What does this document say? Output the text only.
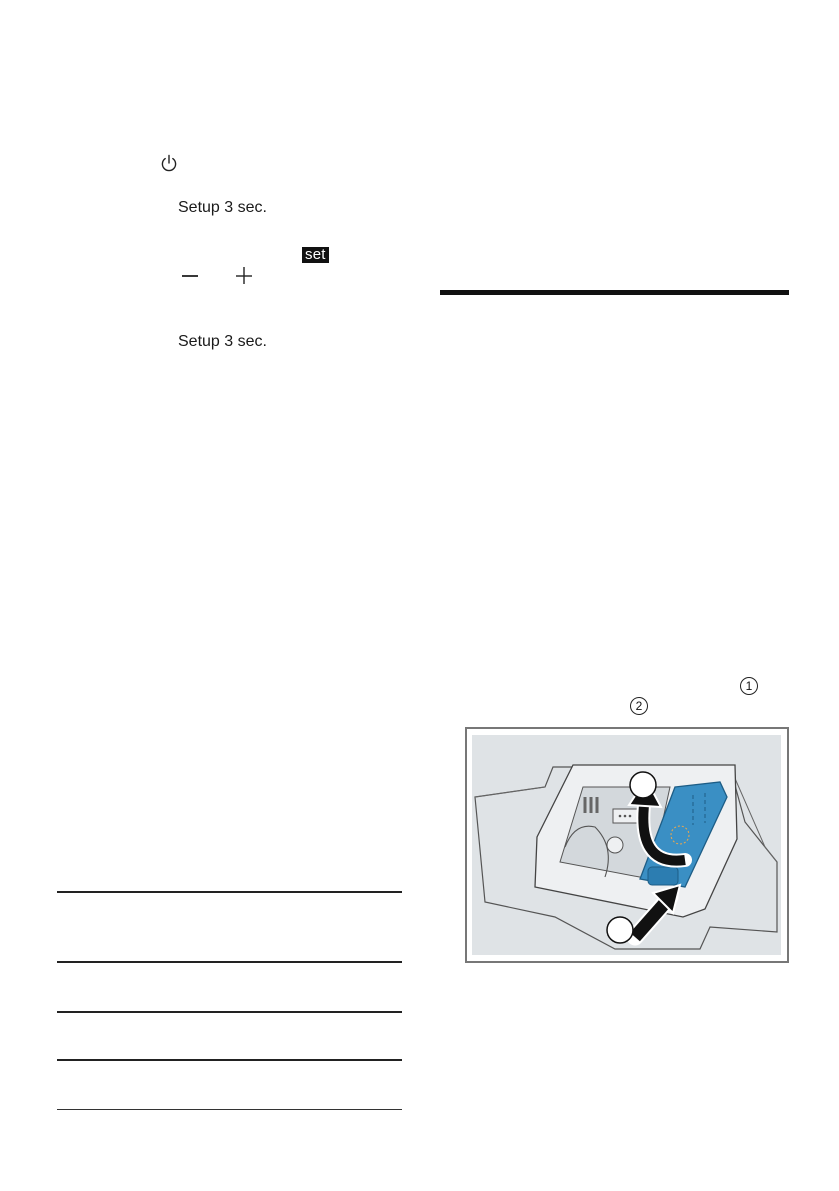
Setup 3 sec.
set
Setup 3 sec.
1
2
